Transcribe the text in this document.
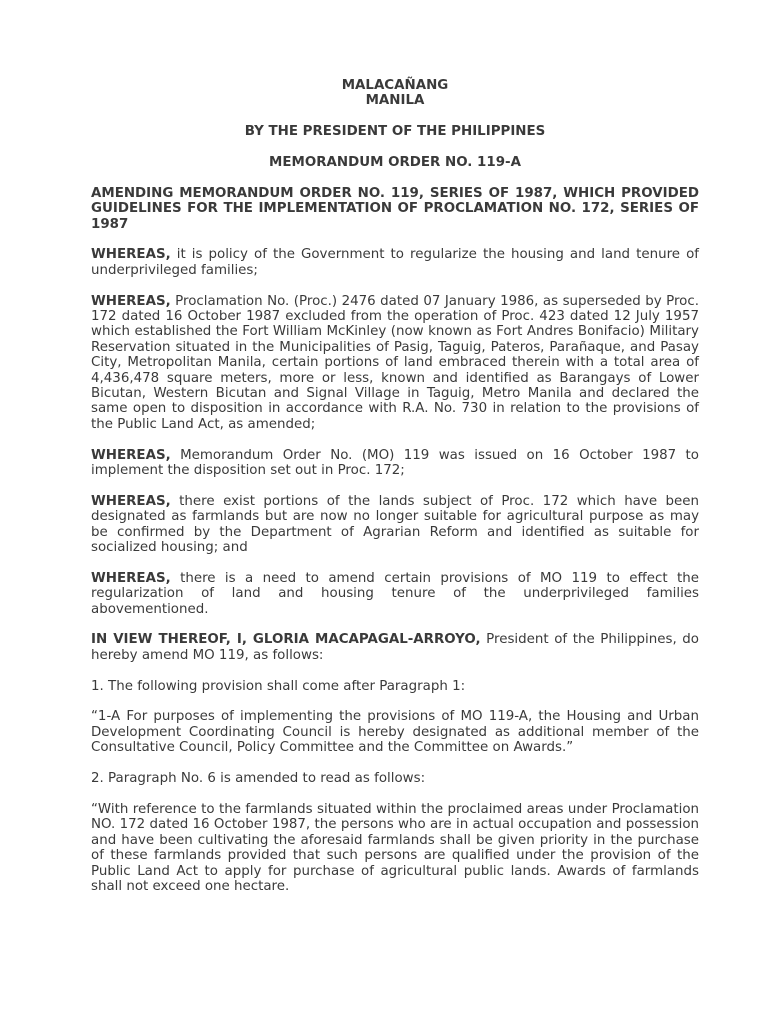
MALACAÑANG
MANILA
BY THE PRESIDENT OF THE PHILIPPINES
MEMORANDUM ORDER NO. 119-A
AMENDING MEMORANDUM ORDER NO. 119, SERIES OF 1987, WHICH PROVIDED GUIDELINES FOR THE IMPLEMENTATION OF PROCLAMATION NO. 172, SERIES OF 1987

WHEREAS, it is policy of the Government to regularize the housing and land tenure of underprivileged families;

WHEREAS, Proclamation No. (Proc.) 2476 dated 07 January 1986, as superseded by Proc. 172 dated 16 October 1987 excluded from the operation of Proc. 423 dated 12 July 1957 which established the Fort William McKinley (now known as Fort Andres Bonifacio) Military Reservation situated in the Municipalities of Pasig, Taguig, Pateros, Parañaque, and Pasay City, Metropolitan Manila, certain portions of land embraced therein with a total area of 4,436,478 square meters, more or less, known and identified as Barangays of Lower Bicutan, Western Bicutan and Signal Village in Taguig, Metro Manila and declared the same open to disposition in accordance with R.A. No. 730 in relation to the provisions of the Public Land Act, as amended;

WHEREAS, Memorandum Order No. (MO) 119 was issued on 16 October 1987 to implement the disposition set out in Proc. 172;

WHEREAS, there exist portions of the lands subject of Proc. 172 which have been designated as farmlands but are now no longer suitable for agricultural purpose as may be confirmed by the Department of Agrarian Reform and identified as suitable for socialized housing; and

WHEREAS, there is a need to amend certain provisions of MO 119 to effect the regularization of land and housing tenure of the underprivileged families abovementioned.

IN VIEW THEREOF, I, GLORIA MACAPAGAL-ARROYO, President of the Philippines, do hereby amend MO 119, as follows:

1. The following provision shall come after Paragraph 1:

“1-A For purposes of implementing the provisions of MO 119-A, the Housing and Urban Development Coordinating Council is hereby designated as additional member of the Consultative Council, Policy Committee and the Committee on Awards.”

2. Paragraph No. 6 is amended to read as follows:

“With reference to the farmlands situated within the proclaimed areas under Proclamation NO. 172 dated 16 October 1987, the persons who are in actual occupation and possession and have been cultivating the aforesaid farmlands shall be given priority in the purchase of these farmlands provided that such persons are qualified under the provision of the Public Land Act to apply for purchase of agricultural public lands. Awards of farmlands shall not exceed one hectare.
